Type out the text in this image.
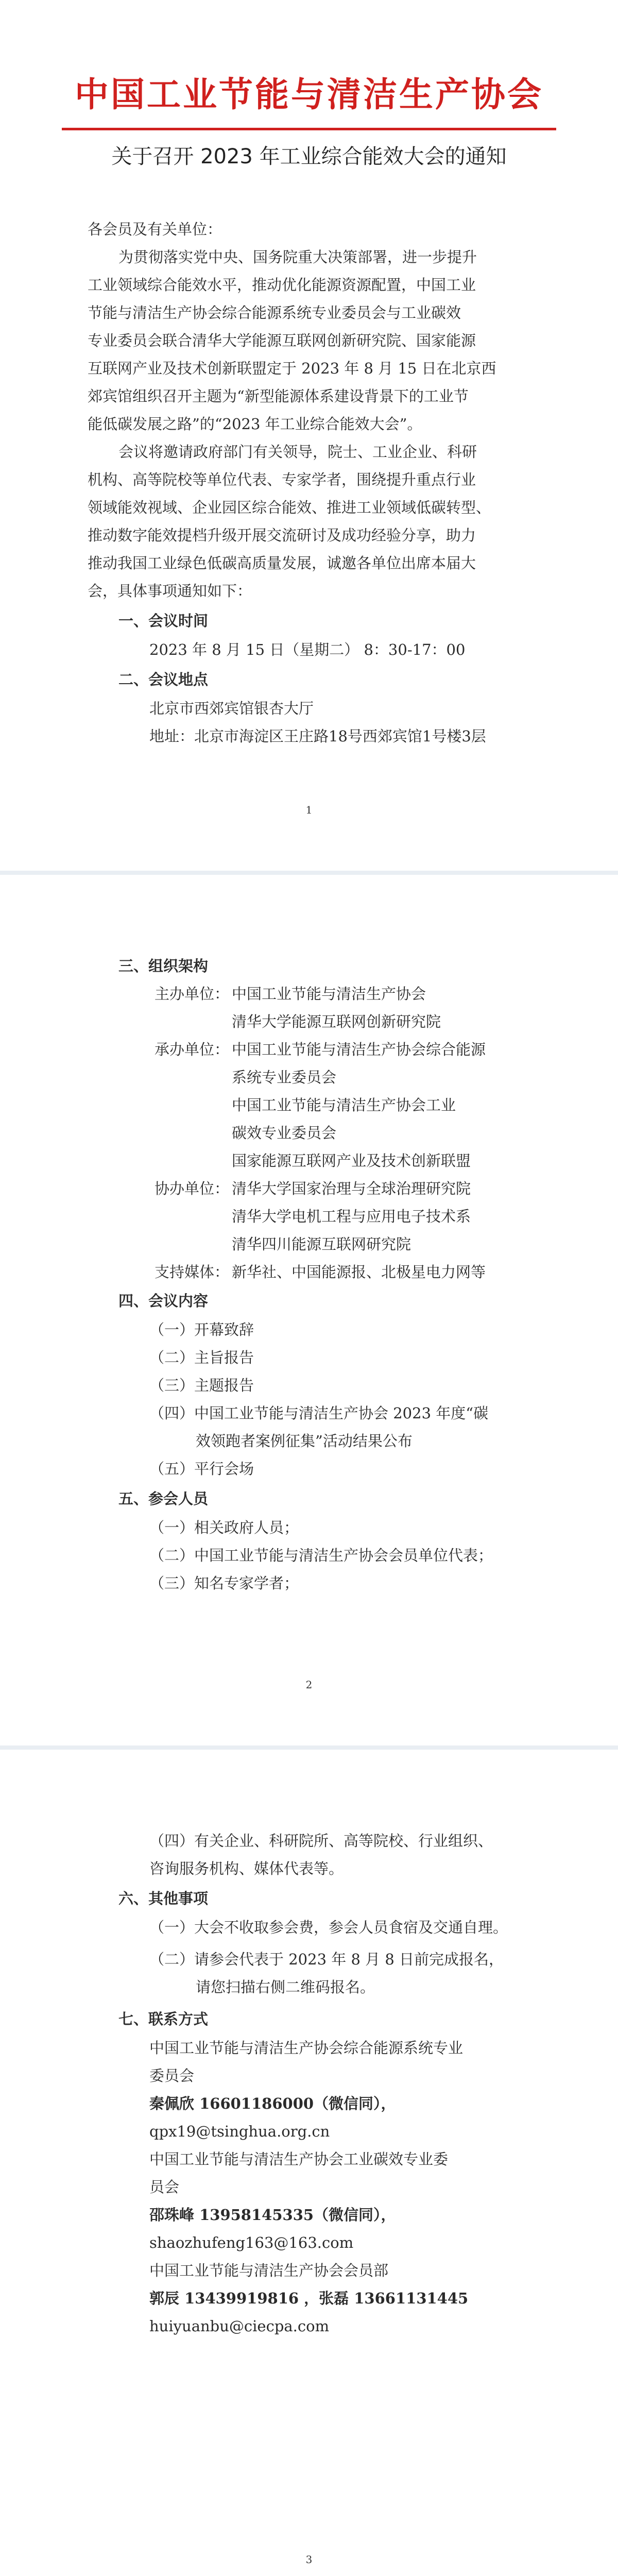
中国工业节能与清洁生产协会
关于召开 2023 年工业综合能效大会的通知
各会员及有关单位：
为贯彻落实党中央、国务院重大决策部署，进一步提升
工业领域综合能效水平，推动优化能源资源配置，中国工业
节能与清洁生产协会综合能源系统专业委员会与工业碳效
专业委员会联合清华大学能源互联网创新研究院、国家能源
互联网产业及技术创新联盟定于 2023 年 8 月 15 日在北京西
郊宾馆组织召开主题为“新型能源体系建设背景下的工业节
能低碳发展之路”的“2023 年工业综合能效大会”。
会议将邀请政府部门有关领导，院士、工业企业、科研
机构、高等院校等单位代表、专家学者，围绕提升重点行业
领域能效视域、企业园区综合能效、推进工业领域低碳转型、
推动数字能效提档升级开展交流研讨及成功经验分享，助力
推动我国工业绿色低碳高质量发展，诚邀各单位出席本届大
会，具体事项通知如下：
一、会议时间
2023 年 8 月 15 日（星期二） 8：30-17：00
二、会议地点
北京市西郊宾馆银杏大厅
地址：北京市海淀区王庄路18号西郊宾馆1号楼3层
1
三、组织架构
主办单位： 中国工业节能与清洁生产协会
清华大学能源互联网创新研究院
承办单位： 中国工业节能与清洁生产协会综合能源
系统专业委员会
中国工业节能与清洁生产协会工业
碳效专业委员会
国家能源互联网产业及技术创新联盟
协办单位： 清华大学国家治理与全球治理研究院
清华大学电机工程与应用电子技术系
清华四川能源互联网研究院
支持媒体： 新华社、中国能源报、北极星电力网等
四、会议内容
（一）开幕致辞
（二）主旨报告
（三）主题报告
（四）中国工业节能与清洁生产协会 2023 年度“碳
效领跑者案例征集”活动结果公布
（五）平行会场
五、参会人员
（一）相关政府人员；
（二）中国工业节能与清洁生产协会会员单位代表；
（三）知名专家学者；
2
（四）有关企业、科研院所、高等院校、行业组织、
咨询服务机构、媒体代表等。
六、其他事项
（一）大会不收取参会费，参会人员食宿及交通自理。
（二）请参会代表于 2023 年 8 月 8 日前完成报名，
请您扫描右侧二维码报名。
七、联系方式
中国工业节能与清洁生产协会综合能源系统专业
委员会
秦佩欣 16601186000（微信同），
qpx19@tsinghua.org.cn
中国工业节能与清洁生产协会工业碳效专业委
员会
邵珠峰 13958145335（微信同），
shaozhufeng163@163.com
中国工业节能与清洁生产协会会员部
郭辰 13439919816 ，张磊 13661131445
huiyuanbu@ciecpa.com
3
